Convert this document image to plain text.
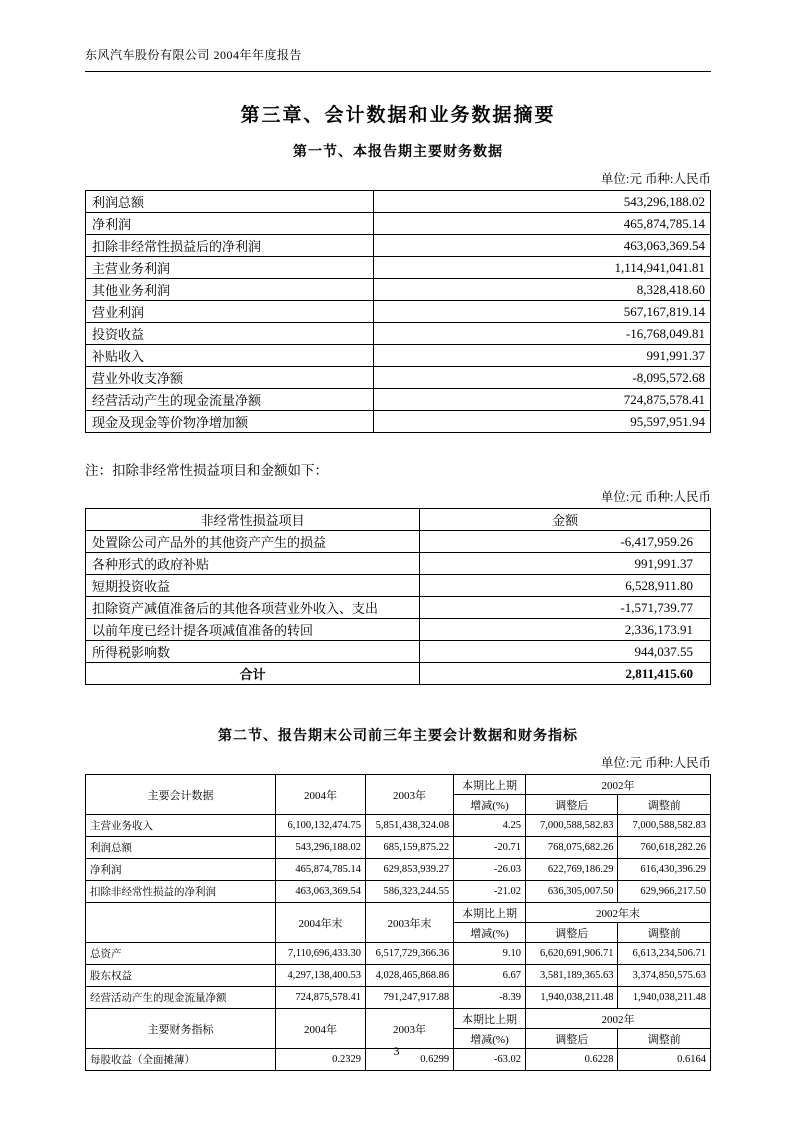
东风汽车股份有限公司 2004年年度报告
第三章、会计数据和业务数据摘要
第一节、本报告期主要财务数据
单位:元 币种:人民币
利润总额	543,296,188.02
净利润	465,874,785.14
扣除非经常性损益后的净利润	463,063,369.54
主营业务利润	1,114,941,041.81
其他业务利润	8,328,418.60
营业利润	567,167,819.14
投资收益	-16,768,049.81
补贴收入	991,991.37
营业外收支净额	-8,095,572.68
经营活动产生的现金流量净额	724,875,578.41
现金及现金等价物净增加额	95,597,951.94

注：扣除非经常性损益项目和金额如下：

单位:元 币种:人民币
非经常性损益项目	金额
处置除公司产品外的其他资产产生的损益	-6,417,959.26
各种形式的政府补贴	991,991.37
短期投资收益	6,528,911.80
扣除资产减值准备后的其他各项营业外收入、支出	-1,571,739.77
以前年度已经计提各项减值准备的转回	2,336,173.91
所得税影响数	944,037.55
合计	2,811,415.60
第二节、报告期末公司前三年主要会计数据和财务指标
单位:元 币种:人民币
主要会计数据	2004年	2003年	本期比上期	2002年	
			增减(%)	调整后	调整前
主营业务收入	6,100,132,474.75	5,851,438,324.08	4.25	7,000,588,582.83	7,000,588,582.83
利润总额	543,296,188.02	685,159,875.22	-20.71	768,075,682.26	760,618,282.26
净利润	465,874,785.14	629,853,939.27	-26.03	622,769,186.29	616,430,396.29
扣除非经常性损益的净利润	463,063,369.54	586,323,244.55	-21.02	636,305,007.50	629,966,217.50
	2004年末	2003年末	本期比上期	2002年末	
			增减(%)	调整后	调整前
总资产	7,110,696,433.30	6,517,729,366.36	9.10	6,620,691,906.71	6,613,234,506.71
股东权益	4,297,138,400.53	4,028,465,868.86	6.67	3,581,189,365.63	3,374,850,575.63
经营活动产生的现金流量净额	724,875,578.41	791,247,917.88	-8.39	1,940,038,211.48	1,940,038,211.48
主要财务指标	2004年	2003年	本期比上期	2002年	
			增减(%)	调整后	调整前
每股收益（全面摊薄）	0.2329	0.6299	-63.02	0.6228	0.6164
3
